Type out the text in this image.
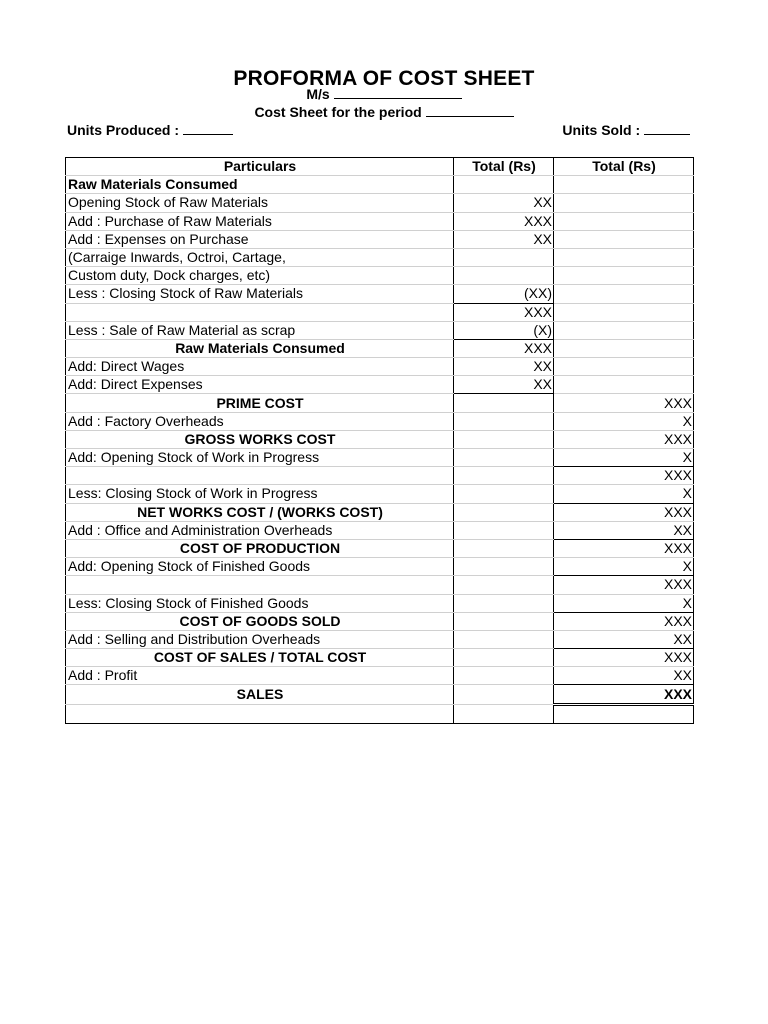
PROFORMA OF COST SHEET
M/s
Cost Sheet for the period
Units Produced :	Units Sold :
Particulars	Total (Rs)	Total (Rs)
Raw Materials Consumed		
Opening Stock of Raw Materials	XX	
Add : Purchase of Raw Materials	XXX	
Add : Expenses on Purchase	XX	
(Carraige Inwards, Octroi, Cartage,		
Custom duty, Dock charges, etc)		
Less : Closing Stock of Raw Materials	(XX)	
	XXX	
Less : Sale of Raw Material as scrap	(X)	
Raw Materials Consumed	XXX	
Add: Direct Wages	XX	
Add: Direct Expenses	XX	
PRIME COST		XXX
Add : Factory Overheads		X
GROSS WORKS COST		XXX
Add: Opening Stock of Work in Progress		X
		XXX
Less: Closing Stock of Work in Progress		X
NET WORKS COST / (WORKS COST)		XXX
Add : Office and Administration Overheads		XX
COST OF PRODUCTION		XXX
Add: Opening Stock of Finished Goods		X
		XXX
Less: Closing Stock of Finished Goods		X
COST OF GOODS SOLD		XXX
Add : Selling and Distribution Overheads		XX
COST OF SALES / TOTAL COST		XXX
Add : Profit		XX
SALES		XXX
